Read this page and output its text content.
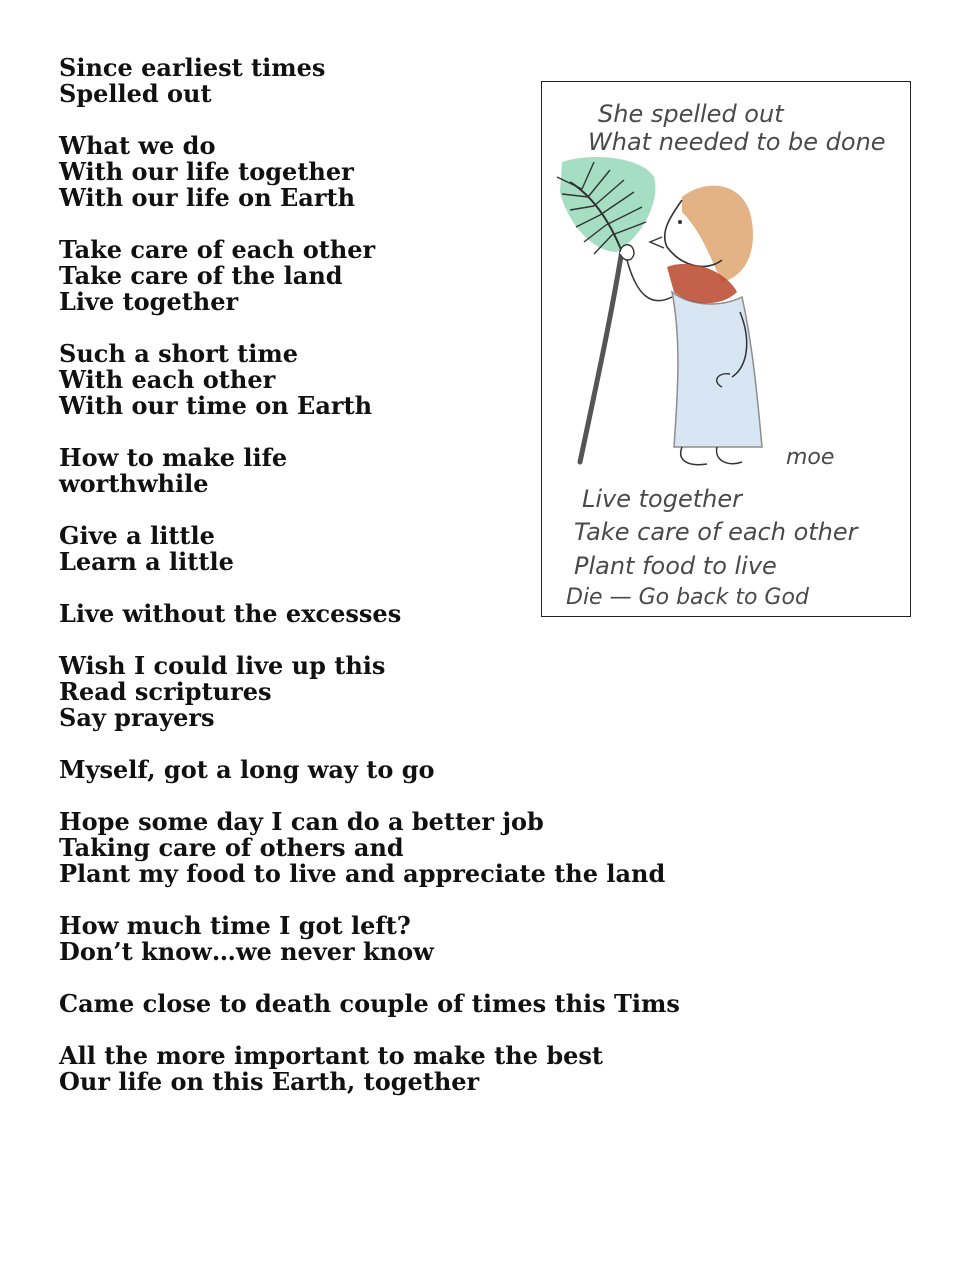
Since earliest times
Spelled out
What we do
With our life together
With our life on Earth
Take care of each other
Take care of the land
Live together
Such a short time
With each other
With our time on Earth
How to make life
worthwhile
Give a little
Learn a little
Live without the excesses
Wish I could live up this
Read scriptures
Say prayers
Myself, got a long way to go
Hope some day I can do a better job
Taking care of others and
Plant my food to live and appreciate the land
How much time I got left?
Don’t know…we never know
Came close to death couple of times this Tims
All the more important to make the best
Our life on this Earth, together
She spelled out
What needed to be done
moe
Live together
Take care of each other
Plant food to live
Die — Go back to God
